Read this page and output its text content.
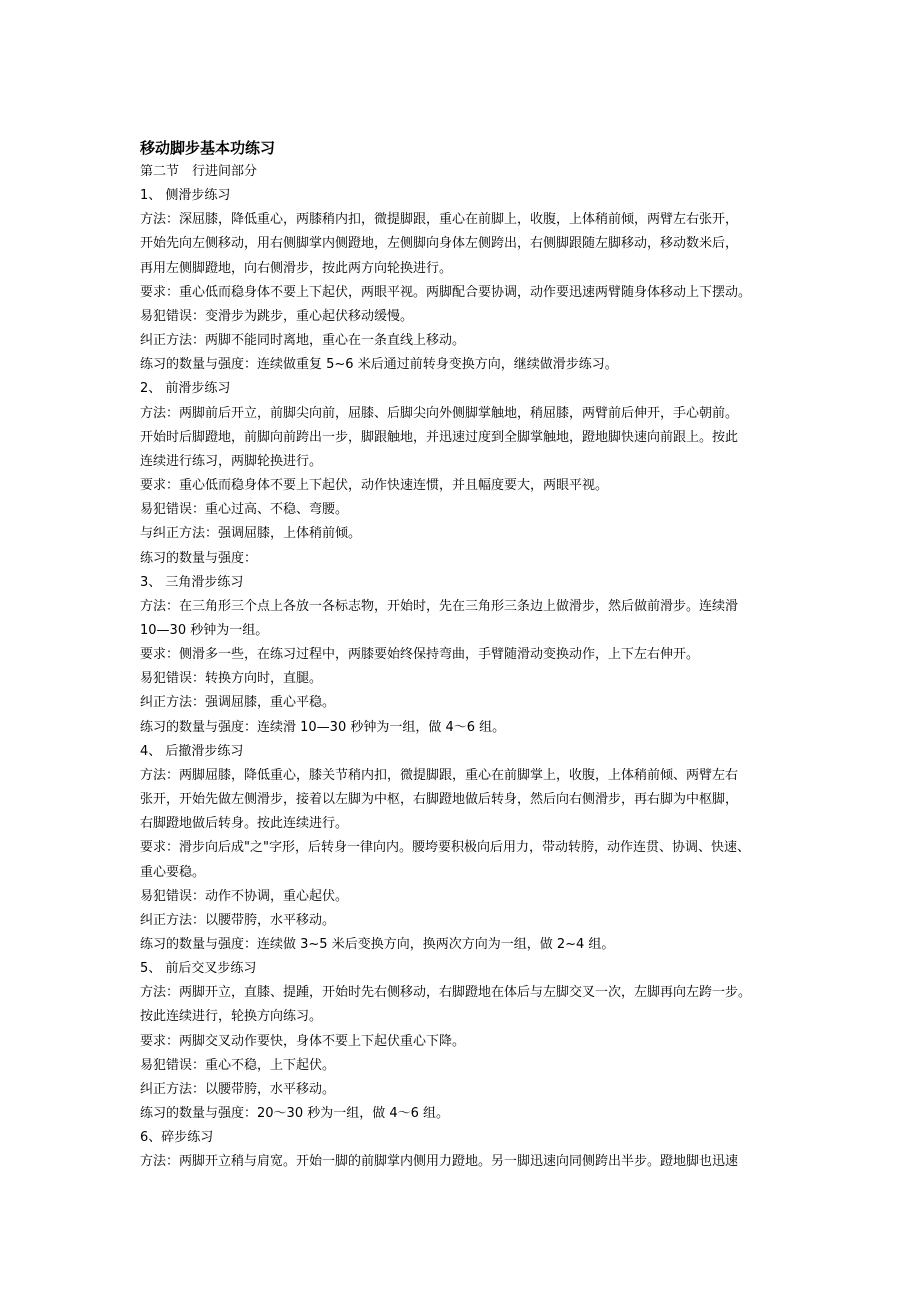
移动脚步基本功练习
第二节　行进间部分
1、 侧滑步练习
方法：深屈膝，降低重心，两膝稍内扣，微提脚跟，重心在前脚上，收腹，上体稍前倾，两臂左右张开，
开始先向左侧移动，用右侧脚掌内侧蹬地，左侧脚向身体左侧跨出，右侧脚跟随左脚移动，移动数米后，
再用左侧脚蹬地，向右侧滑步，按此两方向轮换进行。
要求：重心低而稳身体不要上下起伏，两眼平视。两脚配合要协调，动作要迅速两臂随身体移动上下摆动。
易犯错误：变滑步为跳步，重心起伏移动缓慢。
纠正方法：两脚不能同时离地，重心在一条直线上移动。
练习的数量与强度：连续做重复 5~6 米后通过前转身变换方向，继续做滑步练习。
2、 前滑步练习
方法：两脚前后开立，前脚尖向前，屈膝、后脚尖向外侧脚掌触地，稍屈膝，两臂前后伸开，手心朝前。
开始时后脚蹬地，前脚向前跨出一步，脚跟触地，并迅速过度到全脚掌触地，蹬地脚快速向前跟上。按此
连续进行练习，两脚轮换进行。
要求：重心低而稳身体不要上下起伏，动作快速连惯，并且幅度要大，两眼平视。
易犯错误：重心过高、不稳、弯腰。
与纠正方法：强调屈膝，上体稍前倾。
练习的数量与强度：
3、 三角滑步练习
方法：在三角形三个点上各放一各标志物，开始时，先在三角形三条边上做滑步，然后做前滑步。连续滑
10—30 秒钟为一组。
要求：侧滑多一些，在练习过程中，两膝要始终保持弯曲，手臂随滑动变换动作，上下左右伸开。
易犯错误：转换方向时，直腿。
纠正方法：强调屈膝，重心平稳。
练习的数量与强度：连续滑 10—30 秒钟为一组，做 4～6 组。
4、 后撤滑步练习
方法：两脚屈膝，降低重心，膝关节稍内扣，微提脚跟，重心在前脚掌上，收腹，上体稍前倾、两臂左右
张开，开始先做左侧滑步，接着以左脚为中枢，右脚蹬地做后转身，然后向右侧滑步，再右脚为中枢脚，
右脚蹬地做后转身。按此连续进行。
要求：滑步向后成"之"字形，后转身一律向内。腰垮要积极向后用力，带动转胯，动作连贯、协调、快速、
重心要稳。
易犯错误：动作不协调，重心起伏。
纠正方法：以腰带胯，水平移动。
练习的数量与强度：连续做 3~5 米后变换方向，换两次方向为一组，做 2~4 组。
5、 前后交叉步练习
方法：两脚开立，直膝、提踵，开始时先右侧移动，右脚蹬地在体后与左脚交叉一次，左脚再向左跨一步。
按此连续进行，轮换方向练习。
要求：两脚交叉动作要快，身体不要上下起伏重心下降。
易犯错误：重心不稳，上下起伏。
纠正方法：以腰带胯，水平移动。
练习的数量与强度：20～30 秒为一组，做 4～6 组。
6、碎步练习
方法：两脚开立稍与肩宽。开始一脚的前脚掌内侧用力蹬地。另一脚迅速向同侧跨出半步。蹬地脚也迅速
